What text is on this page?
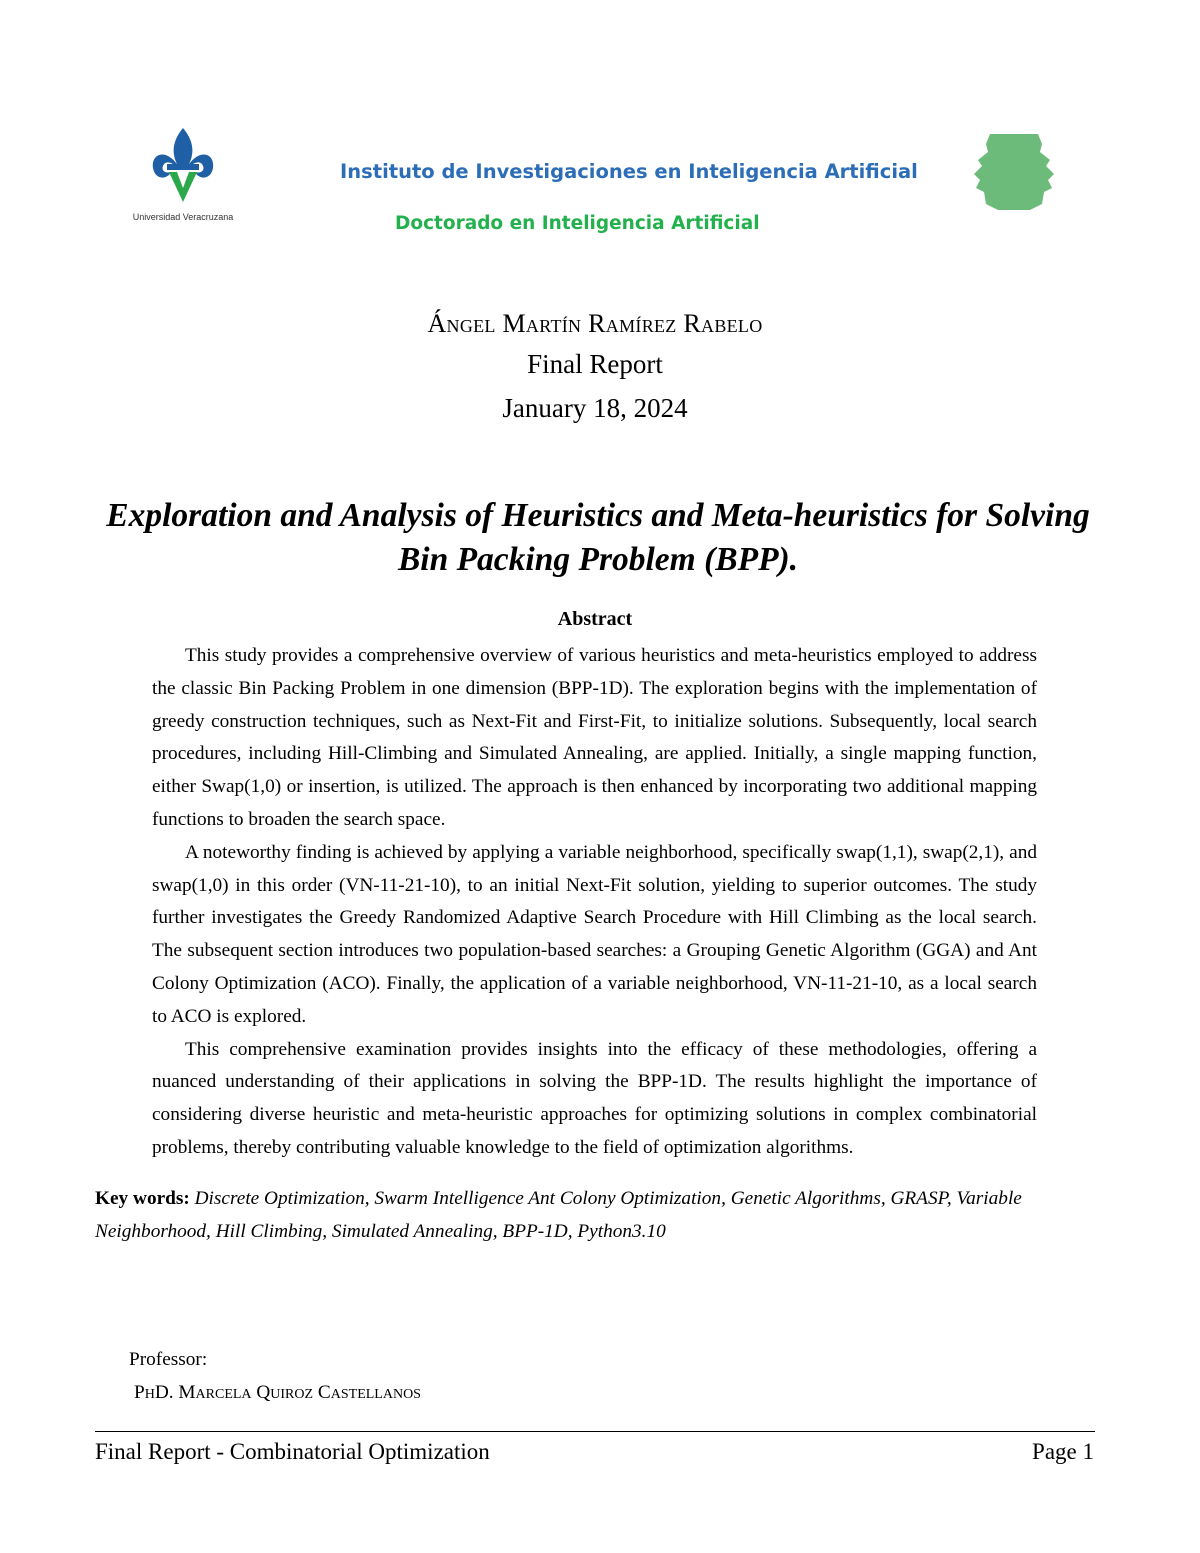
Universidad Veracruzana
Instituto de Investigaciones en Inteligencia Artificial
Doctorado en Inteligencia Artificial
Ángel Martín Ramírez Rabelo
Final Report
January 18, 2024
Exploration and Analysis of Heuristics and Meta-heuristics for Solving Bin Packing Problem (BPP).
Abstract

This study provides a comprehensive overview of various heuristics and meta-heuristics employed to address the classic Bin Packing Problem in one dimension (BPP-1D). The exploration begins with the implementation of greedy construction techniques, such as Next-Fit and First-Fit, to initialize solutions. Subsequently, local search procedures, including Hill-Climbing and Simulated Annealing, are applied. Initially, a single mapping function, either Swap(1,0) or insertion, is utilized. The approach is then enhanced by incorporating two additional mapping functions to broaden the search space.

A noteworthy finding is achieved by applying a variable neighborhood, specifically swap(1,1), swap(2,1), and swap(1,0) in this order (VN-11-21-10), to an initial Next-Fit solution, yielding to superior outcomes. The study further investigates the Greedy Randomized Adaptive Search Procedure with Hill Climbing as the local search. The subsequent section introduces two population-based searches: a Grouping Genetic Algorithm (GGA) and Ant Colony Optimization (ACO). Finally, the application of a variable neighborhood, VN-11-21-10, as a local search to ACO is explored.

This comprehensive examination provides insights into the efficacy of these methodologies, offering a nuanced understanding of their applications in solving the BPP-1D. The results highlight the importance of considering diverse heuristic and meta-heuristic approaches for optimizing solutions in complex combinatorial problems, thereby contributing valuable knowledge to the field of optimization algorithms.

Key words: Discrete Optimization, Swarm Intelligence Ant Colony Optimization, Genetic Algorithms, GRASP, Variable Neighborhood, Hill Climbing, Simulated Annealing, BPP-1D, Python3.10
Professor:
PhD. Marcela Quiroz Castellanos
Final Report - Combinatorial Optimization	Page 1
